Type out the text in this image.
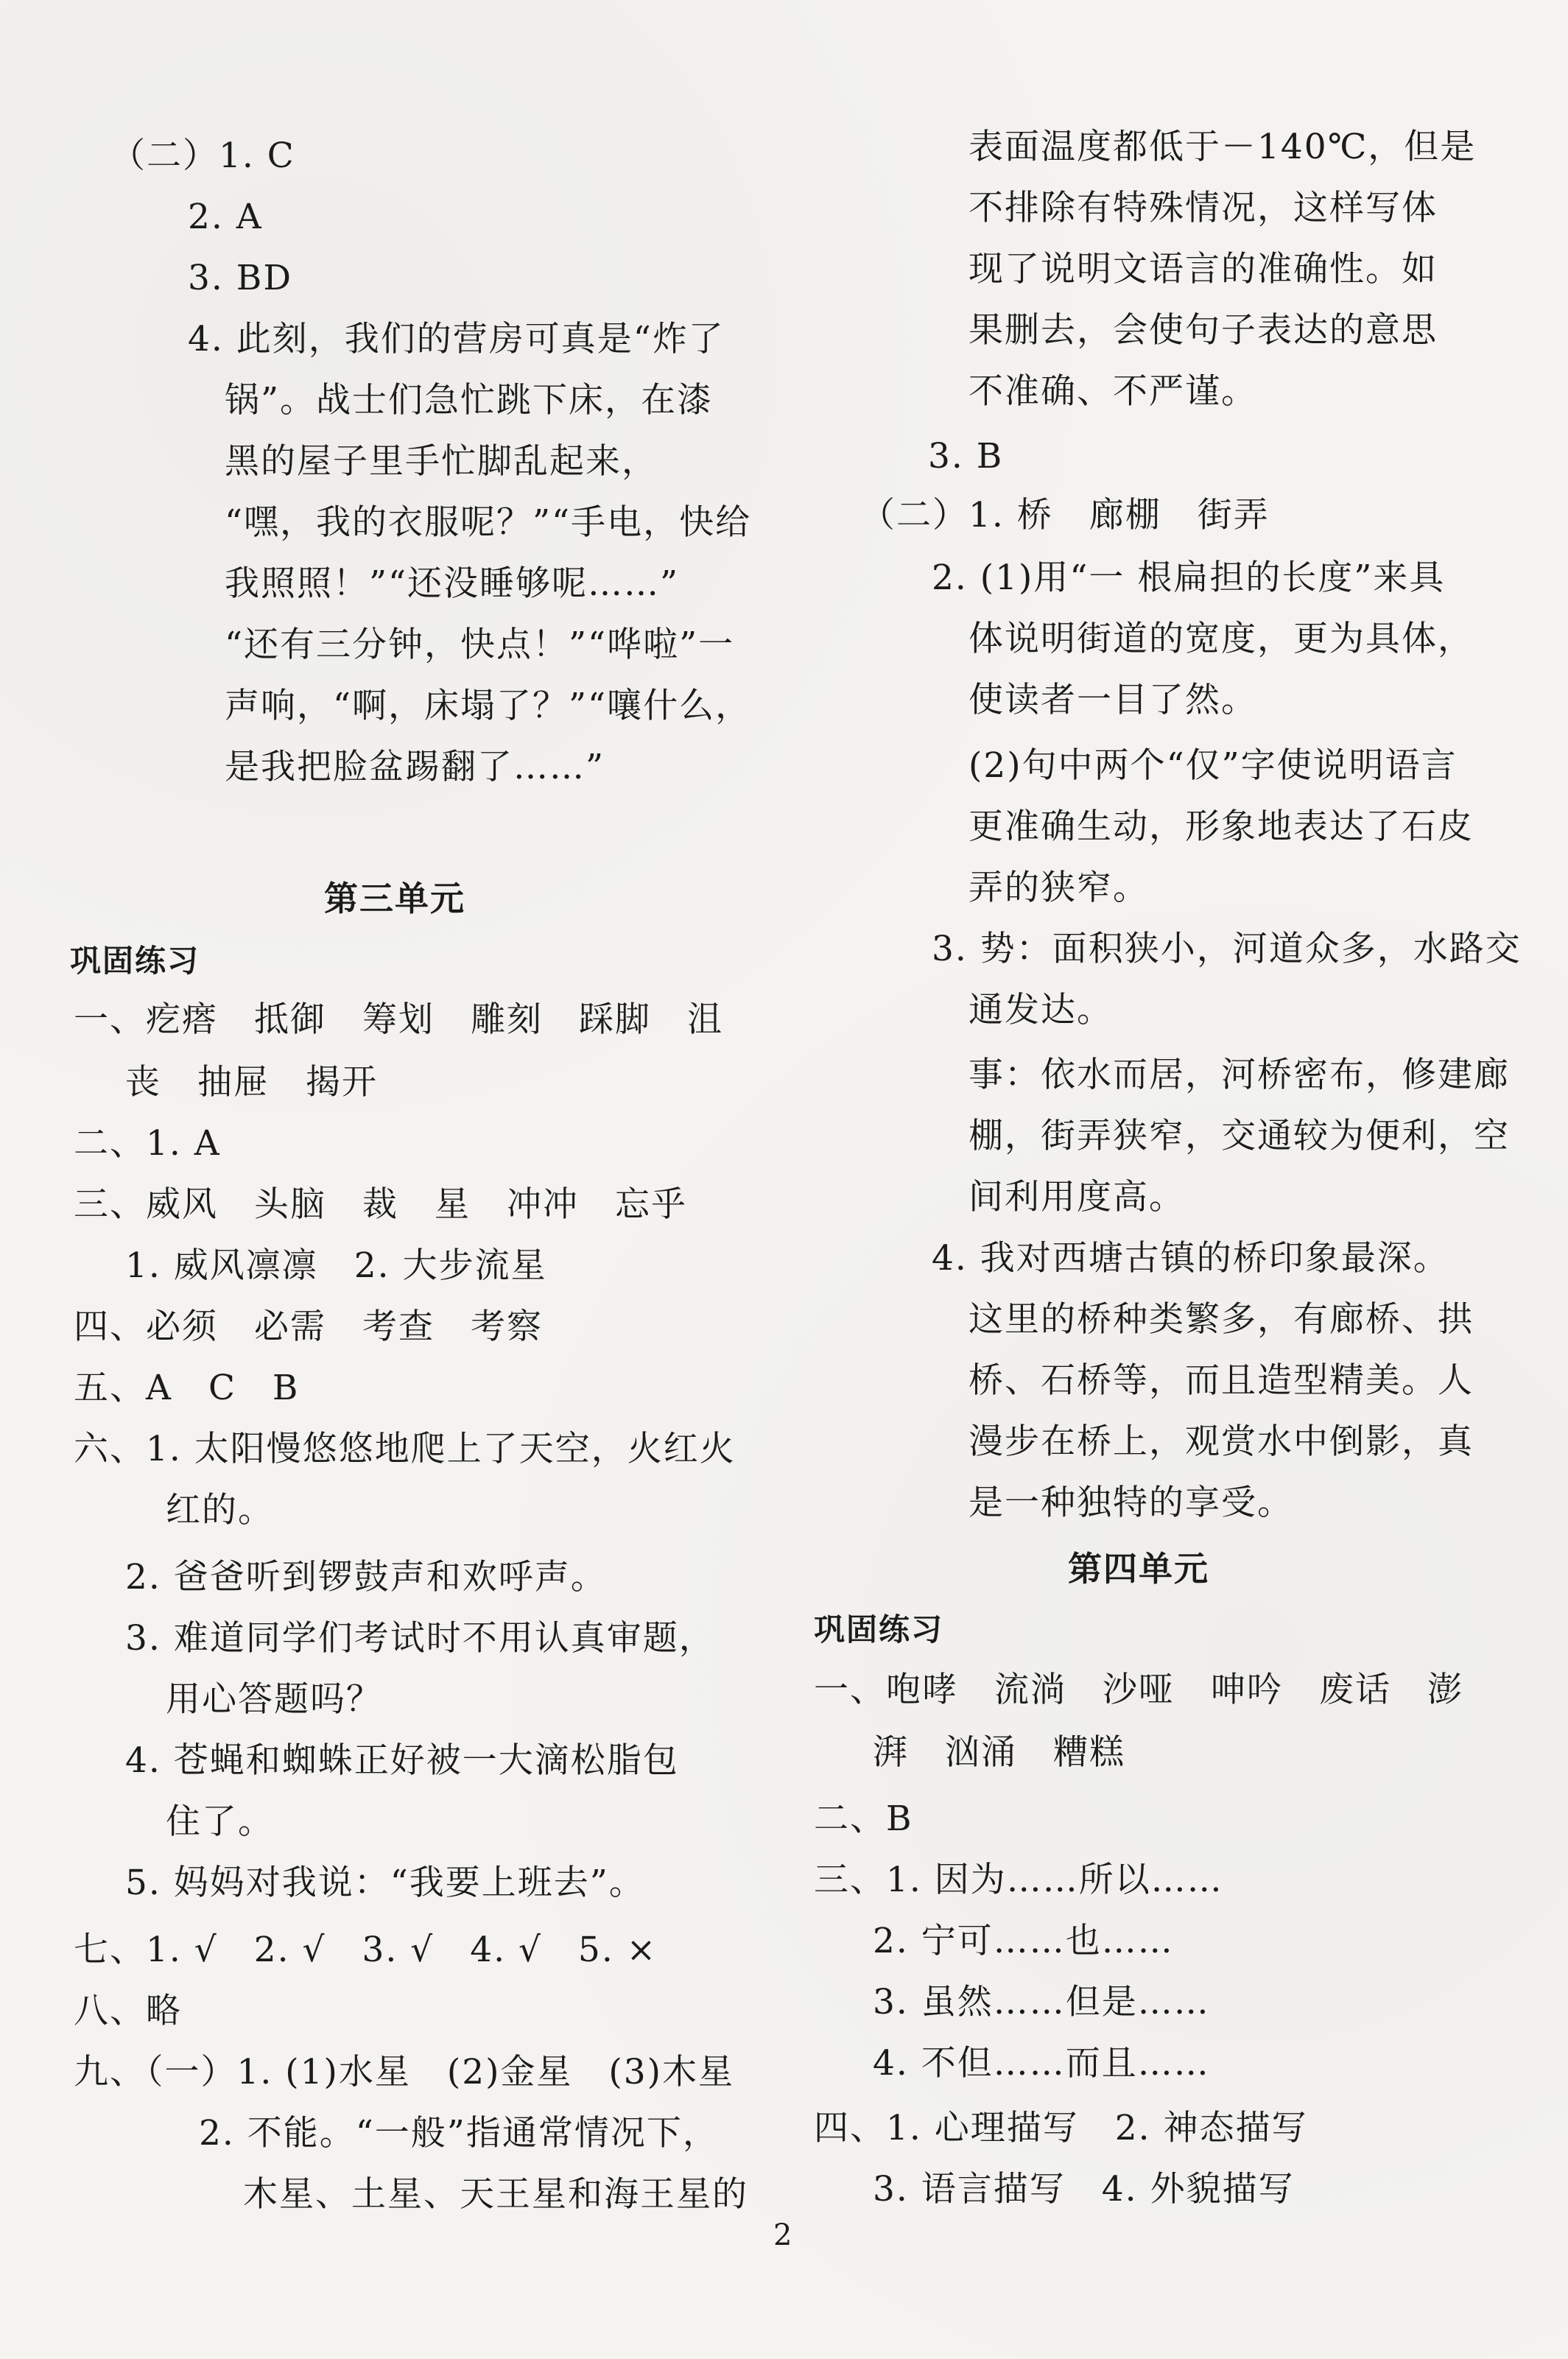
（二）1. C
2. A
3. BD
4. 此刻，我们的营房可真是“炸了
锅”。战士们急忙跳下床，在漆
黑的屋子里手忙脚乱起来，
“嘿，我的衣服呢？”“手电，快给
我照照！”“还没睡够呢……”
“还有三分钟，快点！”“哗啦”一
声响，“啊，床塌了？”“嚷什么，
是我把脸盆踢翻了……”
第三单元
巩固练习
一、疙瘩　抵御　筹划　雕刻　踩脚　沮
丧　抽屉　揭开
二、1. A
三、威风　头脑　裁　星　冲冲　忘乎
1. 威风凛凛　2. 大步流星
四、必须　必需　考查　考察
五、A　C　B
六、1. 太阳慢悠悠地爬上了天空，火红火
红的。
2. 爸爸听到锣鼓声和欢呼声。
3. 难道同学们考试时不用认真审题，
用心答题吗？
4. 苍蝇和蜘蛛正好被一大滴松脂包
住了。
5. 妈妈对我说：“我要上班去”。
七、1. √　2. √　3. √　4. √　5. ×
八、略
九、（一）1. (1)水星　(2)金星　(3)木星
2. 不能。“一般”指通常情况下，
木星、土星、天王星和海王星的
表面温度都低于－140℃，但是
不排除有特殊情况，这样写体
现了说明文语言的准确性。如
果删去，会使句子表达的意思
不准确、不严谨。
3. B
（二）1. 桥　廊棚　街弄
2. (1)用“一 根扁担的长度”来具
体说明街道的宽度，更为具体，
使读者一目了然。
(2)句中两个“仅”字使说明语言
更准确生动，形象地表达了石皮
弄的狭窄。
3. 势：面积狭小，河道众多，水路交
通发达。
事：依水而居，河桥密布，修建廊
棚，街弄狭窄，交通较为便利，空
间利用度高。
4. 我对西塘古镇的桥印象最深。
这里的桥种类繁多，有廊桥、拱
桥、石桥等，而且造型精美。人
漫步在桥上，观赏水中倒影，真
是一种独特的享受。
第四单元
巩固练习
一、咆哮　流淌　沙哑　呻吟　废话　澎
湃　汹涌　糟糕
二、B
三、1. 因为……所以……
2. 宁可……也……
3. 虽然……但是……
4. 不但……而且……
四、1. 心理描写　2. 神态描写
3. 语言描写　4. 外貌描写
2
